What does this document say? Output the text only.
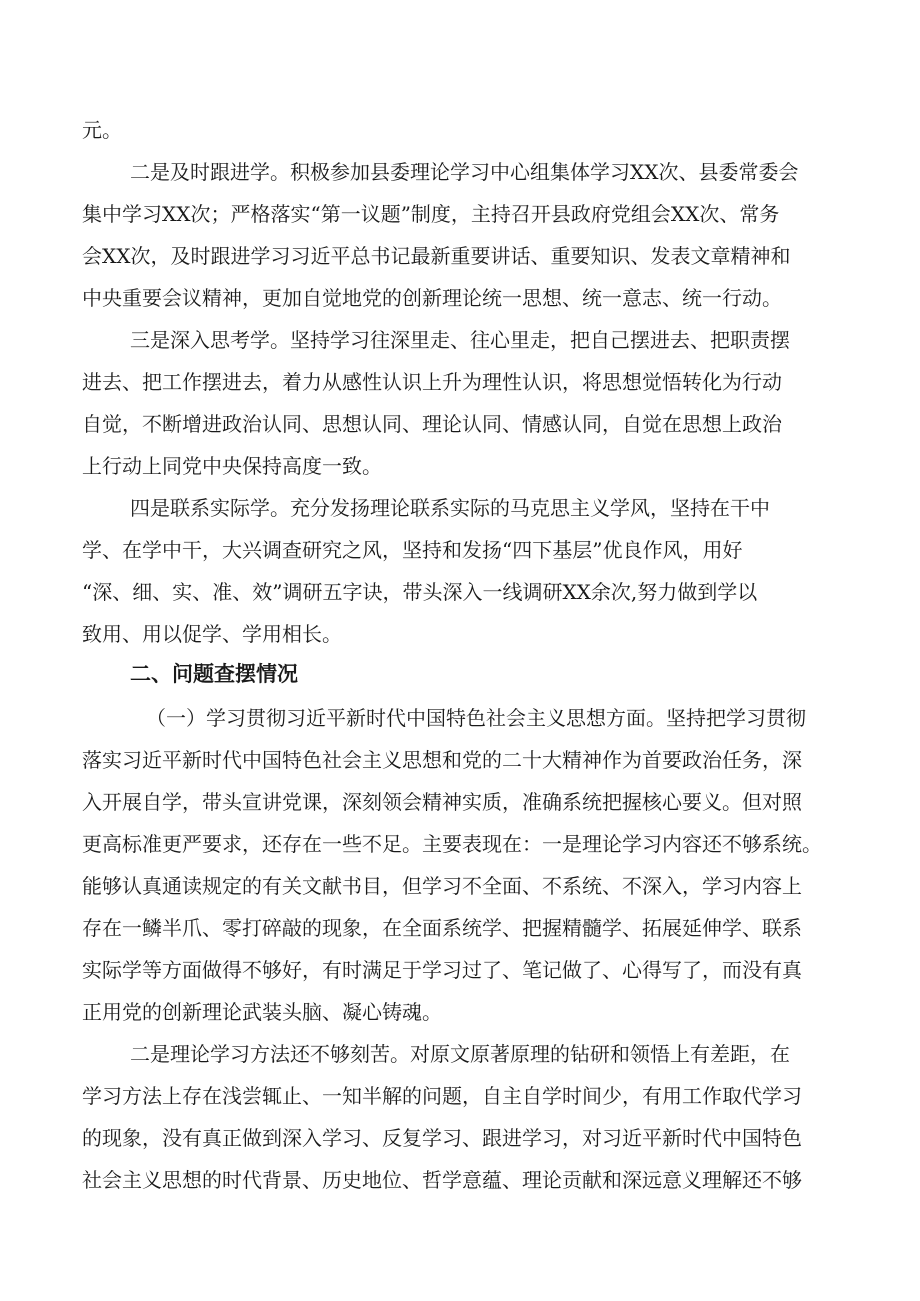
元。
二是及时跟进学。积极参加县委理论学习中心组集体学习XX次、县委常委会
集中学习XX次；严格落实“第一议题”制度，主持召开县政府党组会XX次、常务
会XX次，及时跟进学习习近平总书记最新重要讲话、重要知识、发表文章精神和
中央重要会议精神，更加自觉地党的创新理论统一思想、统一意志、统一行动。
三是深入思考学。坚持学习往深里走、往心里走，把自己摆进去、把职责摆
进去、把工作摆进去，着力从感性认识上升为理性认识，将思想觉悟转化为行动
自觉，不断增进政治认同、思想认同、理论认同、情感认同，自觉在思想上政治
上行动上同党中央保持高度一致。
四是联系实际学。充分发扬理论联系实际的马克思主义学风，坚持在干中
学、在学中干，大兴调查研究之风，坚持和发扬“四下基层”优良作风，用好
“深、细、实、准、效”调研五字诀，带头深入一线调研XX余次,努力做到学以
致用、用以促学、学用相长。
二、问题查摆情况
（一）学习贯彻习近平新时代中国特色社会主义思想方面。坚持把学习贯彻
落实习近平新时代中国特色社会主义思想和党的二十大精神作为首要政治任务，深
入开展自学，带头宣讲党课，深刻领会精神实质，准确系统把握核心要义。但对照
更高标准更严要求，还存在一些不足。主要表现在：一是理论学习内容还不够系统。
能够认真通读规定的有关文献书目，但学习不全面、不系统、不深入，学习内容上
存在一鳞半爪、零打碎敲的现象，在全面系统学、把握精髓学、拓展延伸学、联系
实际学等方面做得不够好，有时满足于学习过了、笔记做了、心得写了，而没有真
正用党的创新理论武装头脑、凝心铸魂。
二是理论学习方法还不够刻苦。对原文原著原理的钻研和领悟上有差距，在
学习方法上存在浅尝辄止、一知半解的问题，自主自学时间少，有用工作取代学习
的现象，没有真正做到深入学习、反复学习、跟进学习，对习近平新时代中国特色
社会主义思想的时代背景、历史地位、哲学意蕴、理论贡献和深远意义理解还不够
